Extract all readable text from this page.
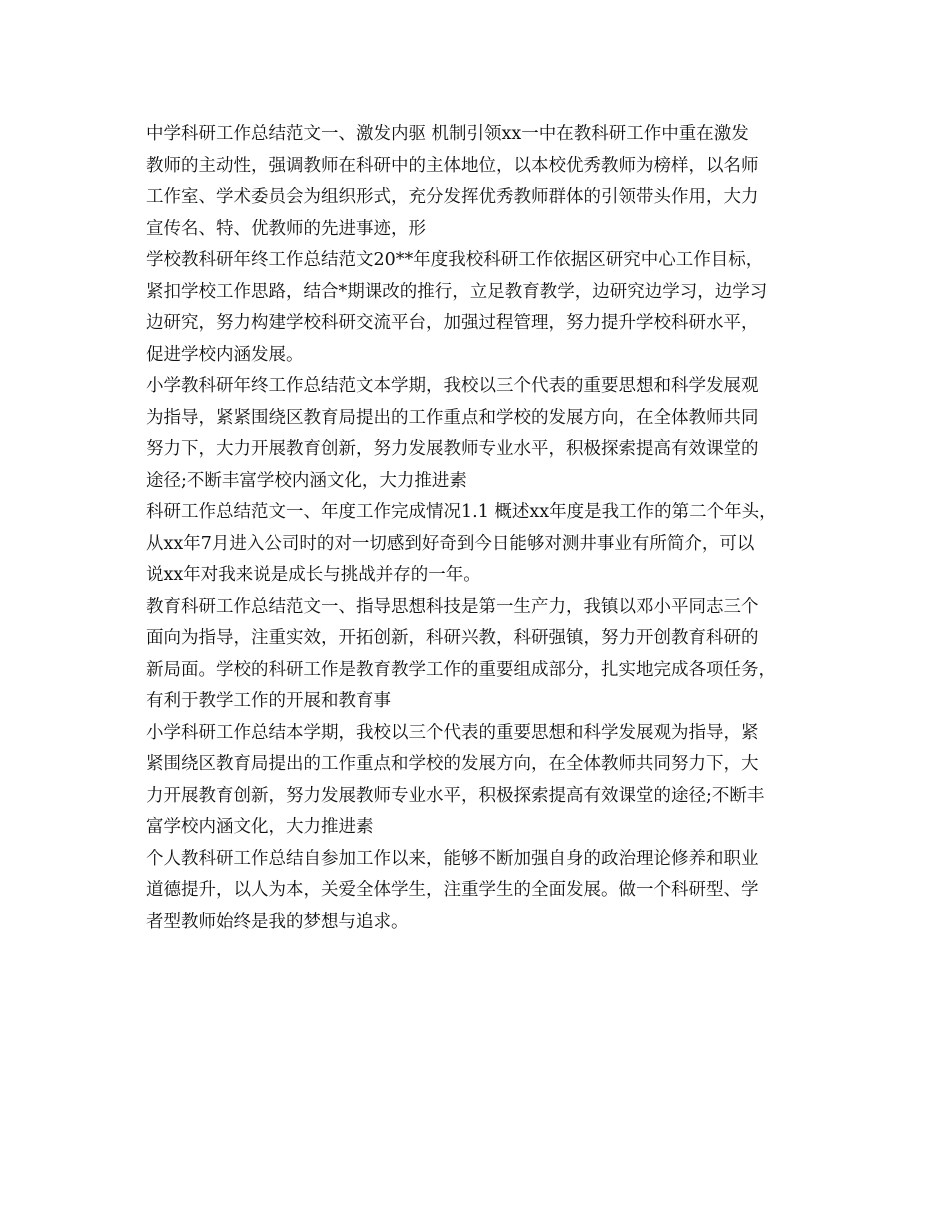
中学科研工作总结范文一、激发内驱 机制引领xx一中在教科研工作中重在激发
教师的主动性，强调教师在科研中的主体地位，以本校优秀教师为榜样，以名师
工作室、学术委员会为组织形式，充分发挥优秀教师群体的引领带头作用，大力
宣传名、特、优教师的先进事迹，形
学校教科研年终工作总结范文20**年度我校科研工作依据区研究中心工作目标，
紧扣学校工作思路，结合*期课改的推行，立足教育教学，边研究边学习，边学习
边研究，努力构建学校科研交流平台，加强过程管理，努力提升学校科研水平，
促进学校内涵发展。
小学教科研年终工作总结范文本学期，我校以三个代表的重要思想和科学发展观
为指导，紧紧围绕区教育局提出的工作重点和学校的发展方向，在全体教师共同
努力下，大力开展教育创新，努力发展教师专业水平，积极探索提高有效课堂的
途径;不断丰富学校内涵文化，大力推进素
科研工作总结范文一、年度工作完成情况1.1 概述xx年度是我工作的第二个年头，
从xx年7月进入公司时的对一切感到好奇到今日能够对测井事业有所简介，可以
说xx年对我来说是成长与挑战并存的一年。
教育科研工作总结范文一、指导思想科技是第一生产力，我镇以邓小平同志三个
面向为指导，注重实效，开拓创新，科研兴教，科研强镇，努力开创教育科研的
新局面。学校的科研工作是教育教学工作的重要组成部分，扎实地完成各项任务，
有利于教学工作的开展和教育事
小学科研工作总结本学期，我校以三个代表的重要思想和科学发展观为指导，紧
紧围绕区教育局提出的工作重点和学校的发展方向，在全体教师共同努力下，大
力开展教育创新，努力发展教师专业水平，积极探索提高有效课堂的途径;不断丰
富学校内涵文化，大力推进素
个人教科研工作总结自参加工作以来，能够不断加强自身的政治理论修养和职业
道德提升，以人为本，关爱全体学生，注重学生的全面发展。做一个科研型、学
者型教师始终是我的梦想与追求。
